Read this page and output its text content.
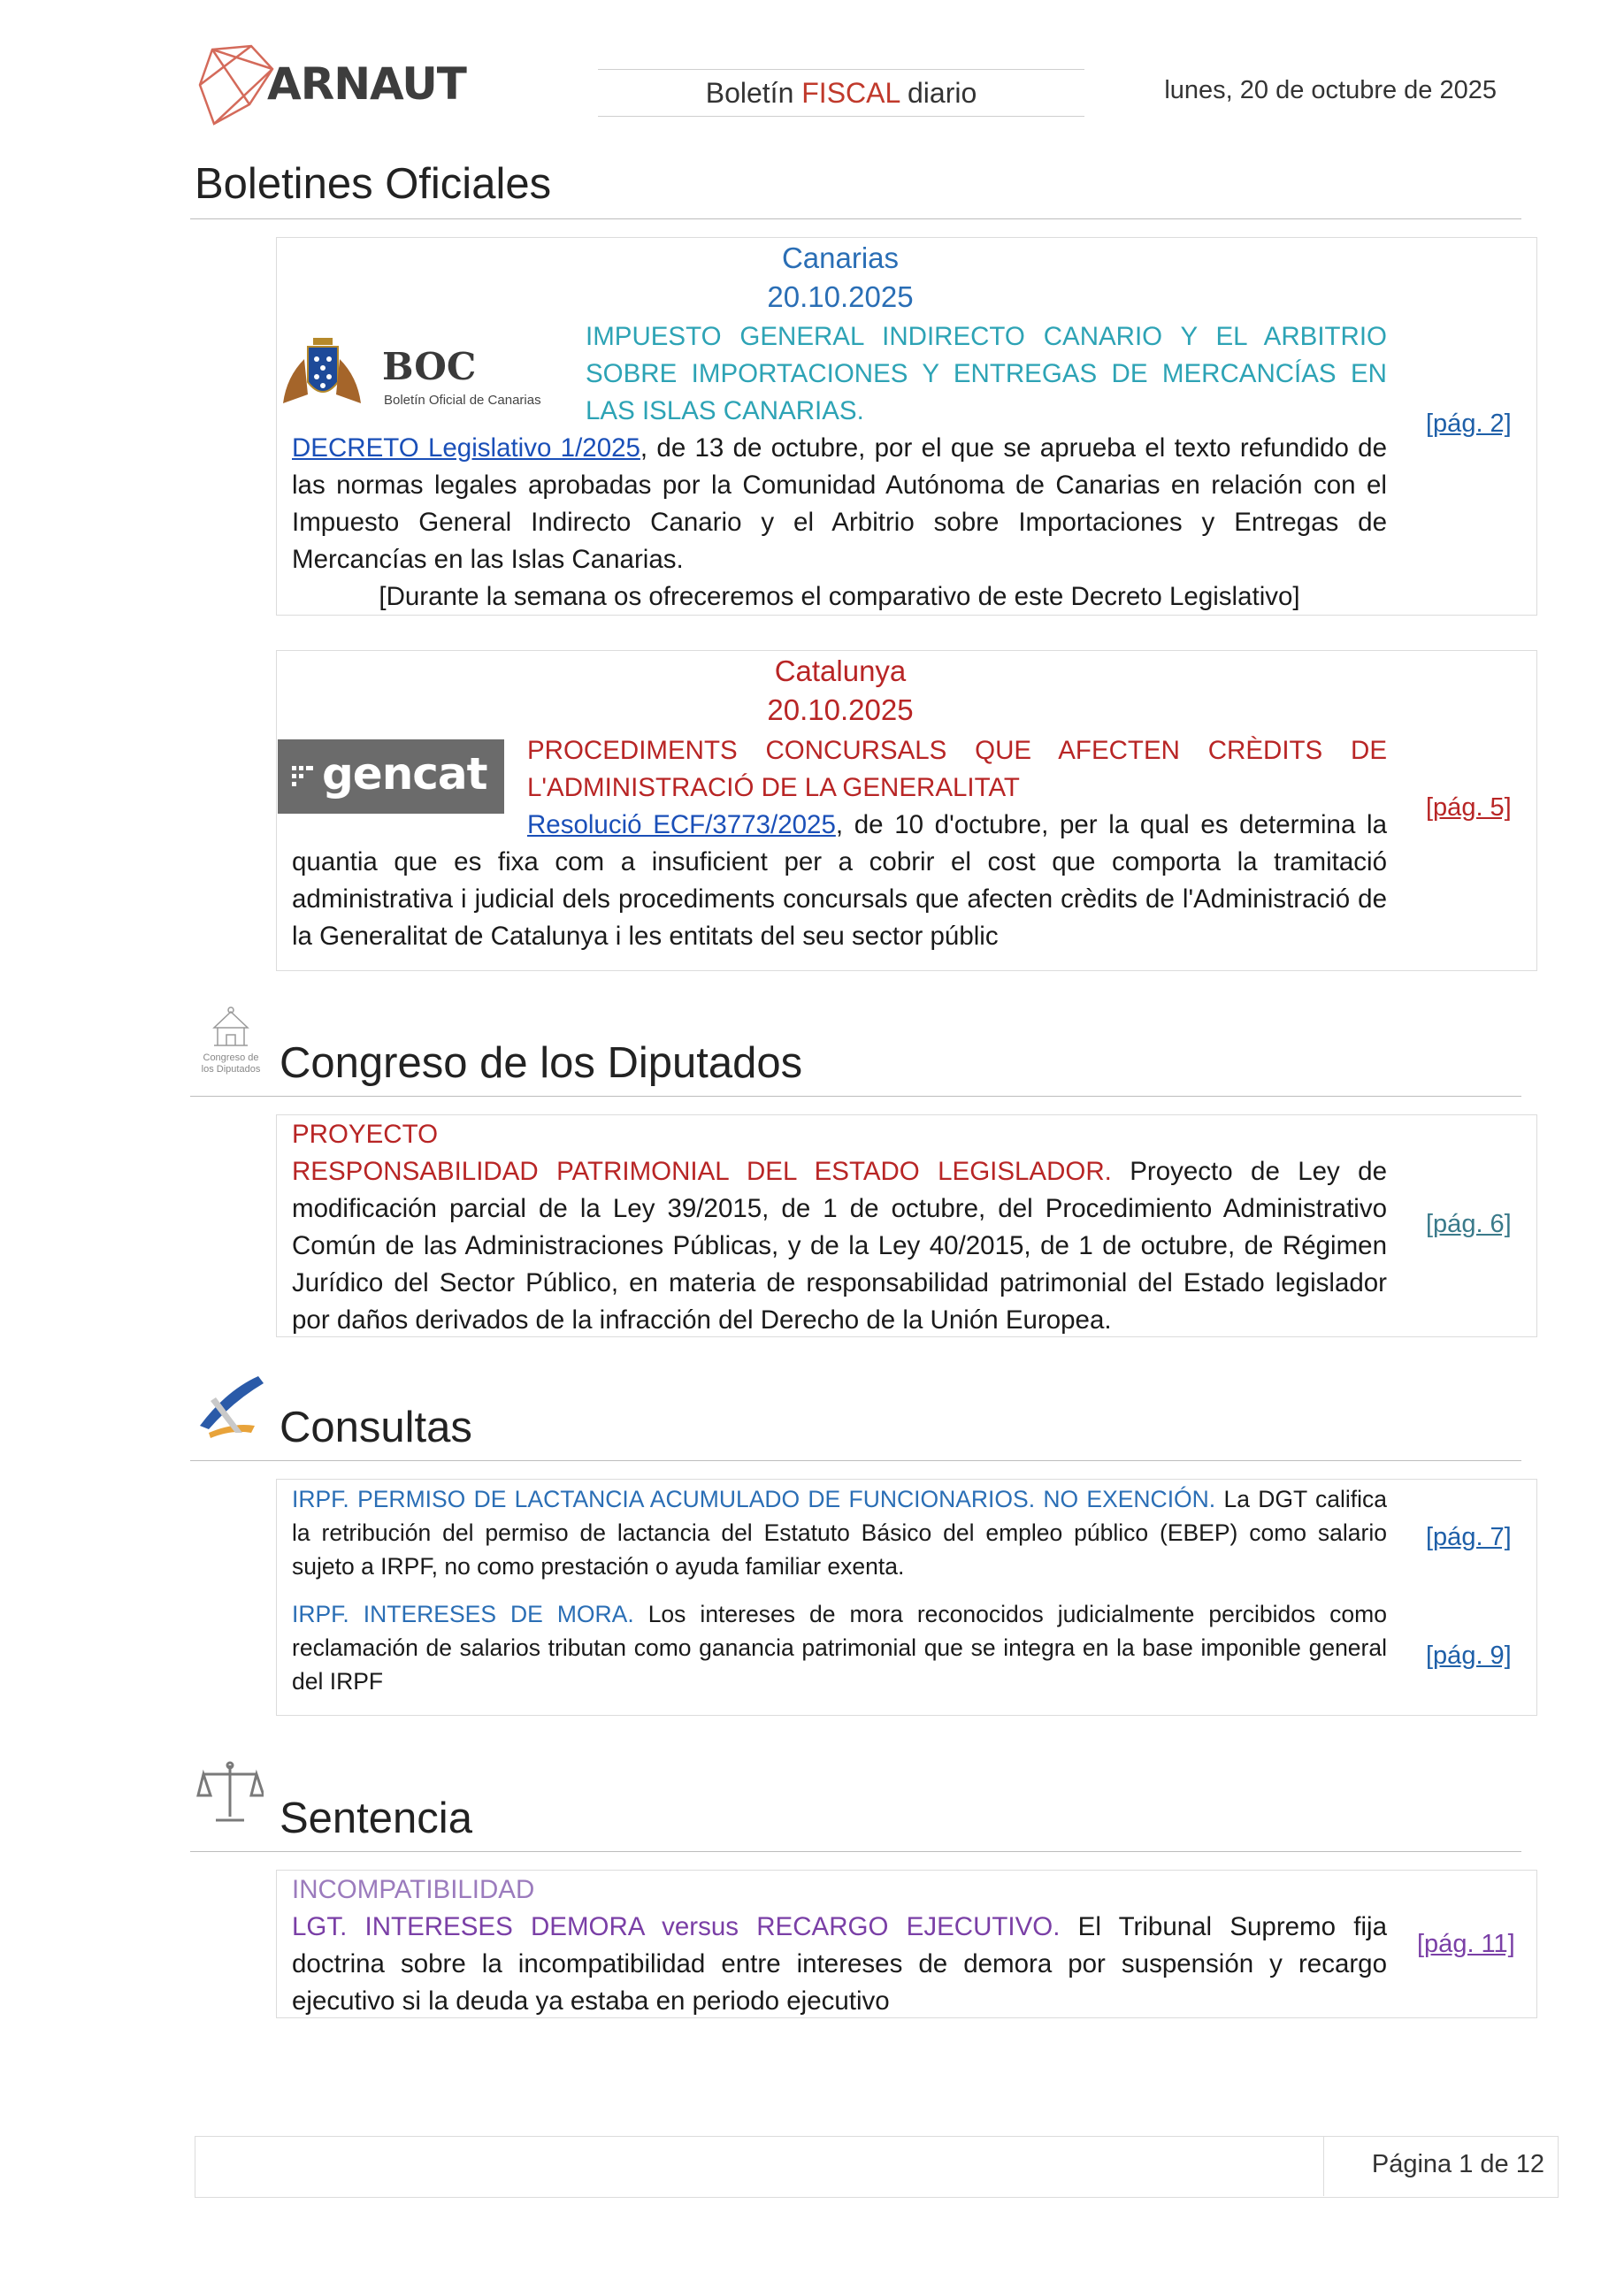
ARNAUT	Boletín FISCAL diario	lunes, 20 de octubre de 2025
Boletines Oficiales
Canarias
20.10.2025
BOC
Boletín Oficial de Canarias
IMPUESTO GENERAL INDIRECTO CANARIO Y EL ARBITRIO SOBRE IMPORTACIONES Y ENTREGAS DE MERCANCÍAS EN LAS ISLAS CANARIAS.
DECRETO Legislativo 1/2025, de 13 de octubre, por el que se aprueba el texto refundido de las normas legales aprobadas por la Comunidad Autónoma de Canarias en relación con el Impuesto General Indirecto Canario y el Arbitrio sobre Importaciones y Entregas de Mercancías en las Islas Canarias.
[Durante la semana os ofreceremos el comparativo de este Decreto Legislativo]
[pág. 2]
Catalunya
20.10.2025
gencat PROCEDIMENTS CONCURSALS QUE AFECTEN CRÈDITS DE L'ADMINISTRACIÓ DE LA GENERALITAT
Resolució ECF/3773/2025, de 10 d'octubre, per la qual es determina la quantia que es fixa com a insuficient per a cobrir el cost que comporta la tramitació administrativa i judicial dels procediments concursals que afecten crèdits de l'Administració de la Generalitat de Catalunya i les entitats del seu sector públic
[pág. 5]
Congreso de los Diputados Congreso de los Diputados
PROYECTO
RESPONSABILIDAD PATRIMONIAL DEL ESTADO LEGISLADOR. Proyecto de Ley de modificación parcial de la Ley 39/2015, de 1 de octubre, del Procedimiento Administrativo Común de las Administraciones Públicas, y de la Ley 40/2015, de 1 de octubre, de Régimen Jurídico del Sector Público, en materia de responsabilidad patrimonial del Estado legislador por daños derivados de la infracción del Derecho de la Unión Europea.
[pág. 6]
Consultas
IRPF. PERMISO DE LACTANCIA ACUMULADO DE FUNCIONARIOS. NO EXENCIÓN. La DGT califica la retribución del permiso de lactancia del Estatuto Básico del empleo público (EBEP) como salario sujeto a IRPF, no como prestación o ayuda familiar exenta.
[pág. 7]
IRPF. INTERESES DE MORA. Los intereses de mora reconocidos judicialmente percibidos como reclamación de salarios tributan como ganancia patrimonial que se integra en la base imponible general del IRPF
[pág. 9]
Sentencia
INCOMPATIBILIDAD
LGT. INTERESES DEMORA versus RECARGO EJECUTIVO. El Tribunal Supremo fija doctrina sobre la incompatibilidad entre intereses de demora por suspensión y recargo ejecutivo si la deuda ya estaba en periodo ejecutivo
[pág. 11]
Página 1 de 12
